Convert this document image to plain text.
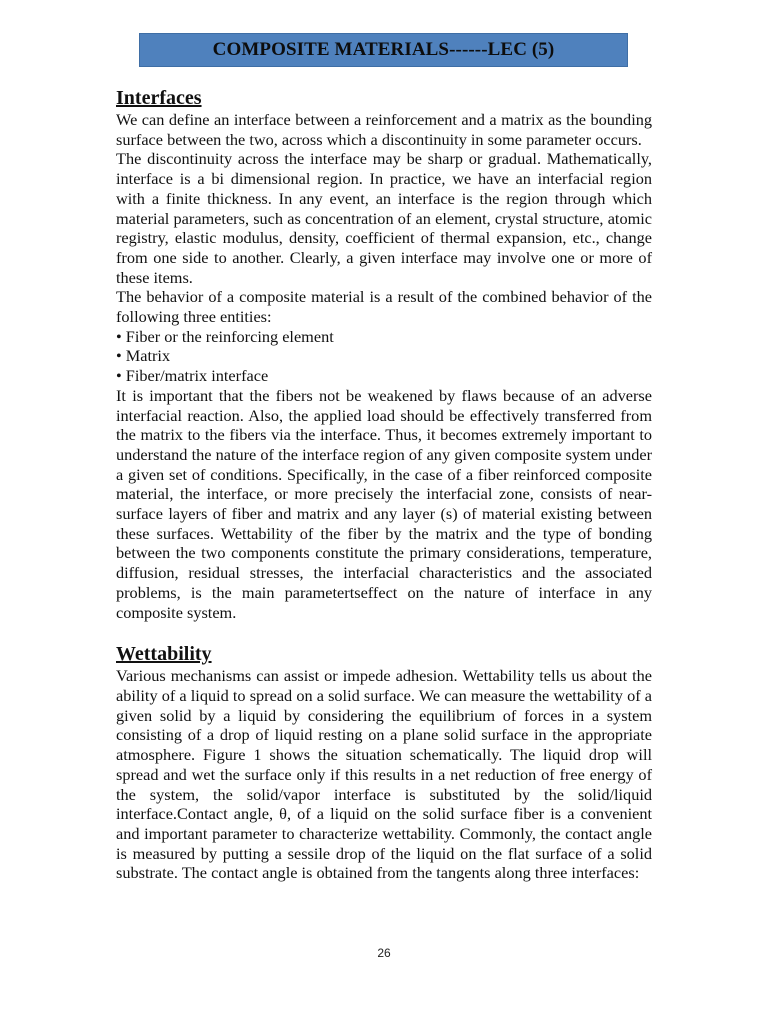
COMPOSITE MATERIALS------LEC (5)
Interfaces

We can define an interface between a reinforcement and a matrix as the bounding surface between the two, across which a discontinuity in some parameter occurs.

The discontinuity across the interface may be sharp or gradual. Mathematically, interface is a bi dimensional region. In practice, we have an interfacial region with a finite thickness. In any event, an interface is the region through which material parameters, such as concentration of an element, crystal structure, atomic registry, elastic modulus, density, coefficient of thermal expansion, etc., change from one side to another. Clearly, a given interface may involve one or more of these items.

The behavior of a composite material is a result of the combined behavior of the following three entities:

• Fiber or the reinforcing element
• Matrix
• Fiber/matrix interface

It is important that the fibers not be weakened by flaws because of an adverse interfacial reaction. Also, the applied load should be effectively transferred from the matrix to the fibers via the interface. Thus, it becomes extremely important to understand the nature of the interface region of any given composite system under a given set of conditions. Specifically, in the case of a fiber reinforced composite material, the interface, or more precisely the interfacial zone, consists of near-surface layers of fiber and matrix and any layer (s) of material existing between these surfaces. Wettability of the fiber by the matrix and the type of bonding between the two components constitute the primary considerations, temperature, diffusion, residual stresses, the interfacial characteristics and the associated problems, is the main parametertseffect on the nature of interface in any composite system.

Wettability

Various mechanisms can assist or impede adhesion. Wettability tells us about the ability of a liquid to spread on a solid surface. We can measure the wettability of a given solid by a liquid by considering the equilibrium of forces in a system consisting of a drop of liquid resting on a plane solid surface in the appropriate atmosphere. Figure 1 shows the situation schematically. The liquid drop will spread and wet the surface only if this results in a net reduction of free energy of the system, the solid/vapor interface is substituted by the solid/liquid interface.Contact angle, θ, of a liquid on the solid surface fiber is a convenient and important parameter to characterize wettability. Commonly, the contact angle is measured by putting a sessile drop of the liquid on the flat surface of a solid substrate. The contact angle is obtained from the tangents along three interfaces:

26
